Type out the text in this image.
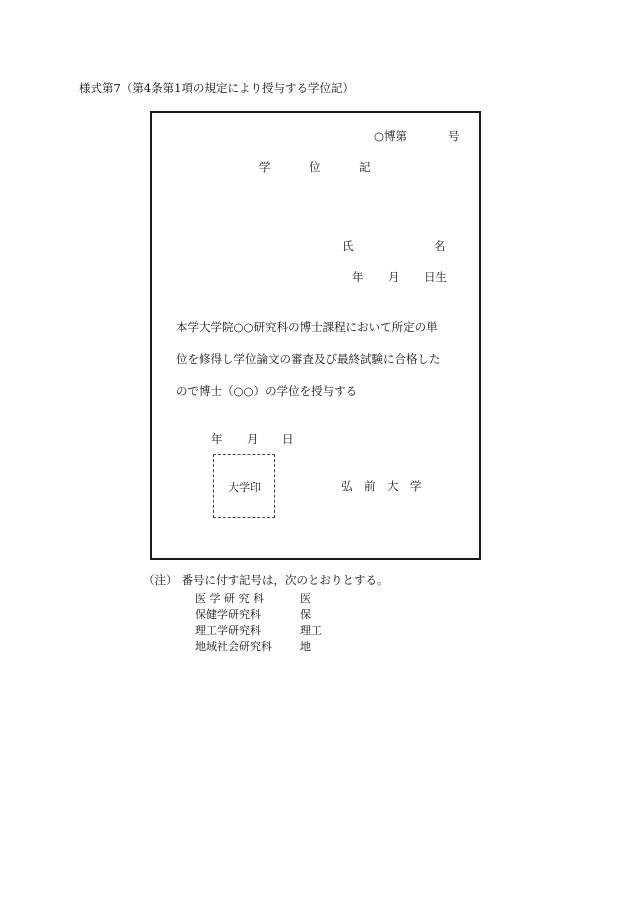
様式第7（第4条第1項の規定により授与する学位記）
○博第	号
学	位	記
氏	名
年 月 日生
本学大学院○○研究科の博士課程において所定の単
位を修得し学位論文の審査及び最終試験に合格した
ので博士（○○）の学位を授与する
年 月 日
大学印	弘 前 大 学
（注） 番号に付す記号は，次のとおりとする。
医 学 研 究 科	医
保健学研究科	保
理工学研究科	理工
地域社会研究科	地
